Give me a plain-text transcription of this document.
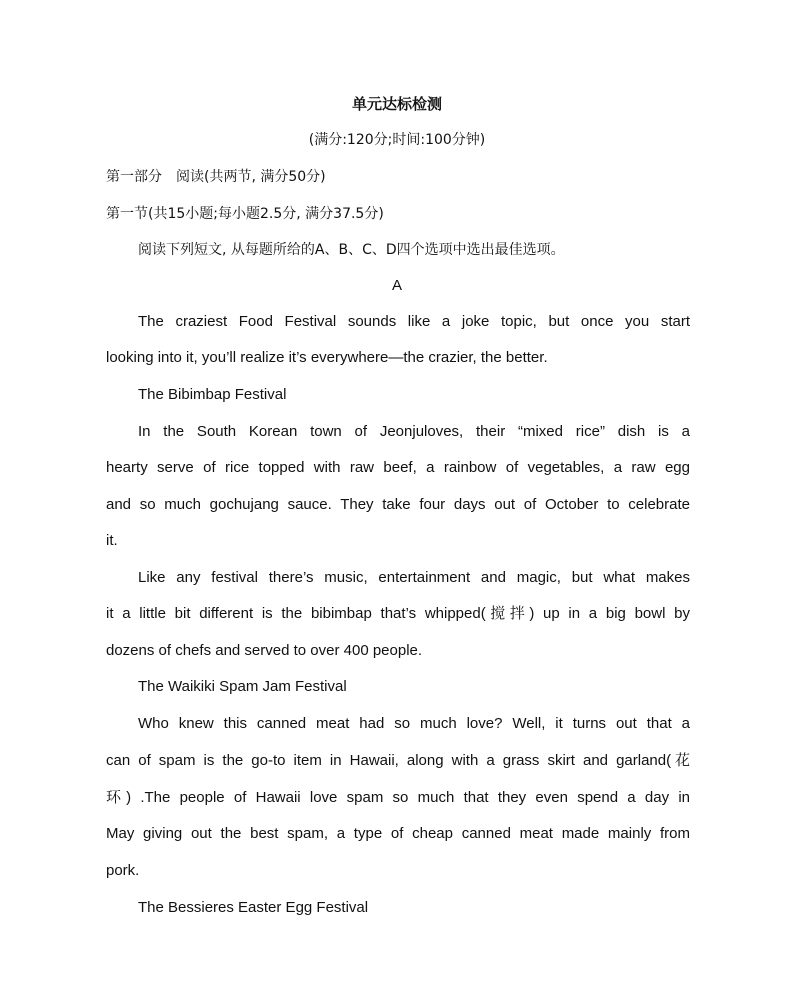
单元达标检测
(满分:120分;时间:100分钟)
第一部分　阅读(共两节, 满分50分)
第一节(共15小题;每小题2.5分, 满分37.5分)
阅读下列短文, 从每题所给的A、B、C、D四个选项中选出最佳选项。
A
The craziest Food Festival sounds like a joke topic, but once you start
looking into it, you’ll realize it’s everywhere—the crazier, the better.
The Bibimbap Festival
In the South Korean town of Jeonjuloves, their “mixed rice” dish is a
hearty serve of rice topped with raw beef, a rainbow of vegetables, a raw egg
and so much gochujang sauce. They take four days out of October to celebrate
it.
Like any festival there’s music, entertainment and magic, but what makes
it a little bit different is the bibimbap that’s whipped(搅拌) up in a big bowl by
dozens of chefs and served to over 400 people.
The Waikiki Spam Jam Festival
Who knew this canned meat had so much love? Well, it turns out that a
can of spam is the go-to item in Hawaii, along with a grass skirt and garland(花
环) .The people of Hawaii love spam so much that they even spend a day in
May giving out the best spam, a type of cheap canned meat made mainly from
pork.
The Bessieres Easter Egg Festival
